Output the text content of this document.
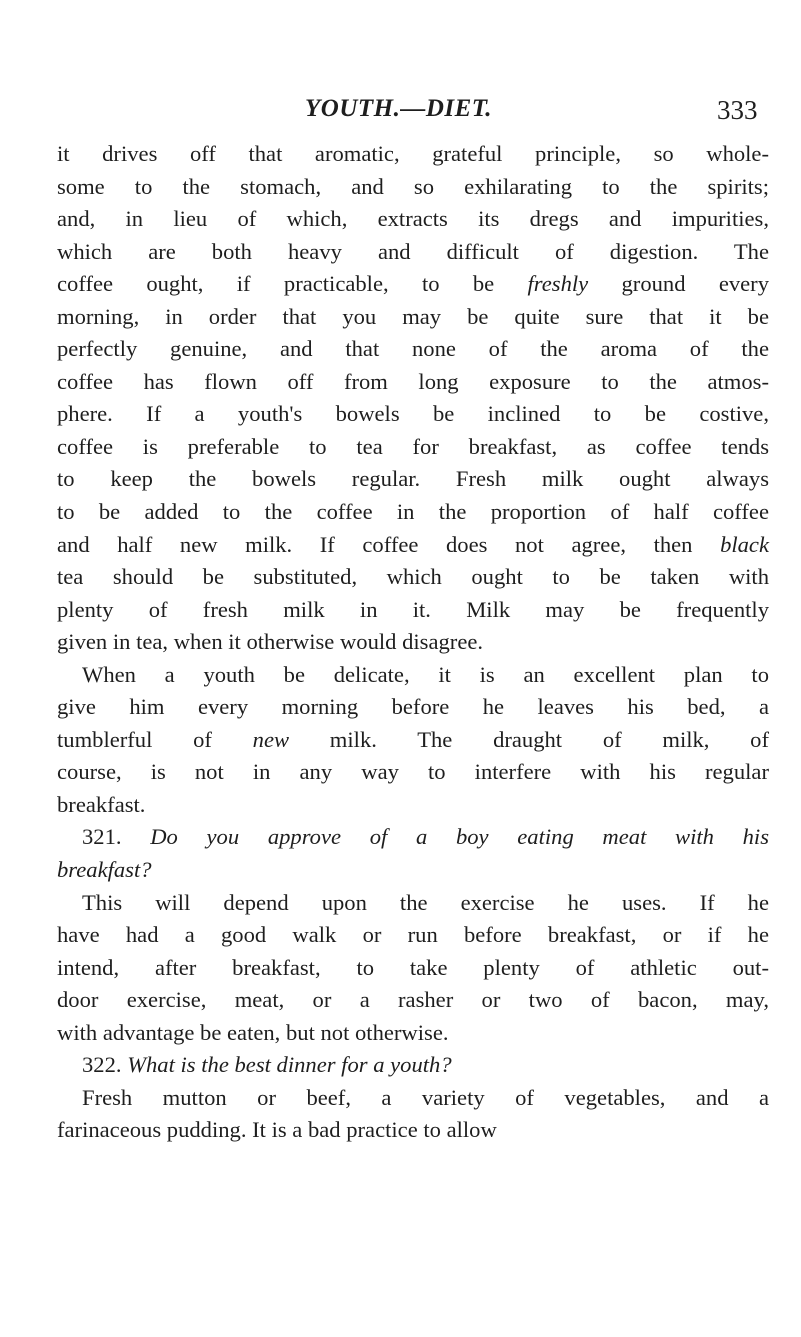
YOUTH.—DIET.	333
it drives off that aromatic, grateful principle, so whole-
some to the stomach, and so exhilarating to the spirits;
and, in lieu of which, extracts its dregs and impurities,
which are both heavy and difficult of digestion. The
coffee ought, if practicable, to be freshly ground every
morning, in order that you may be quite sure that it be
perfectly genuine, and that none of the aroma of the
coffee has flown off from long exposure to the atmos-
phere. If a youth's bowels be inclined to be costive,
coffee is preferable to tea for breakfast, as coffee tends
to keep the bowels regular. Fresh milk ought always
to be added to the coffee in the proportion of half coffee
and half new milk. If coffee does not agree, then black
tea should be substituted, which ought to be taken with
plenty of fresh milk in it. Milk may be frequently
given in tea, when it otherwise would disagree.
When a youth be delicate, it is an excellent plan to
give him every morning before he leaves his bed, a
tumblerful of new milk. The draught of milk, of
course, is not in any way to interfere with his regular
breakfast.
321. Do you approve of a boy eating meat with his
breakfast?
This will depend upon the exercise he uses. If he
have had a good walk or run before breakfast, or if he
intend, after breakfast, to take plenty of athletic out-
door exercise, meat, or a rasher or two of bacon, may,
with advantage be eaten, but not otherwise.
322. What is the best dinner for a youth?
Fresh mutton or beef, a variety of vegetables, and a
farinaceous pudding. It is a bad practice to allow
